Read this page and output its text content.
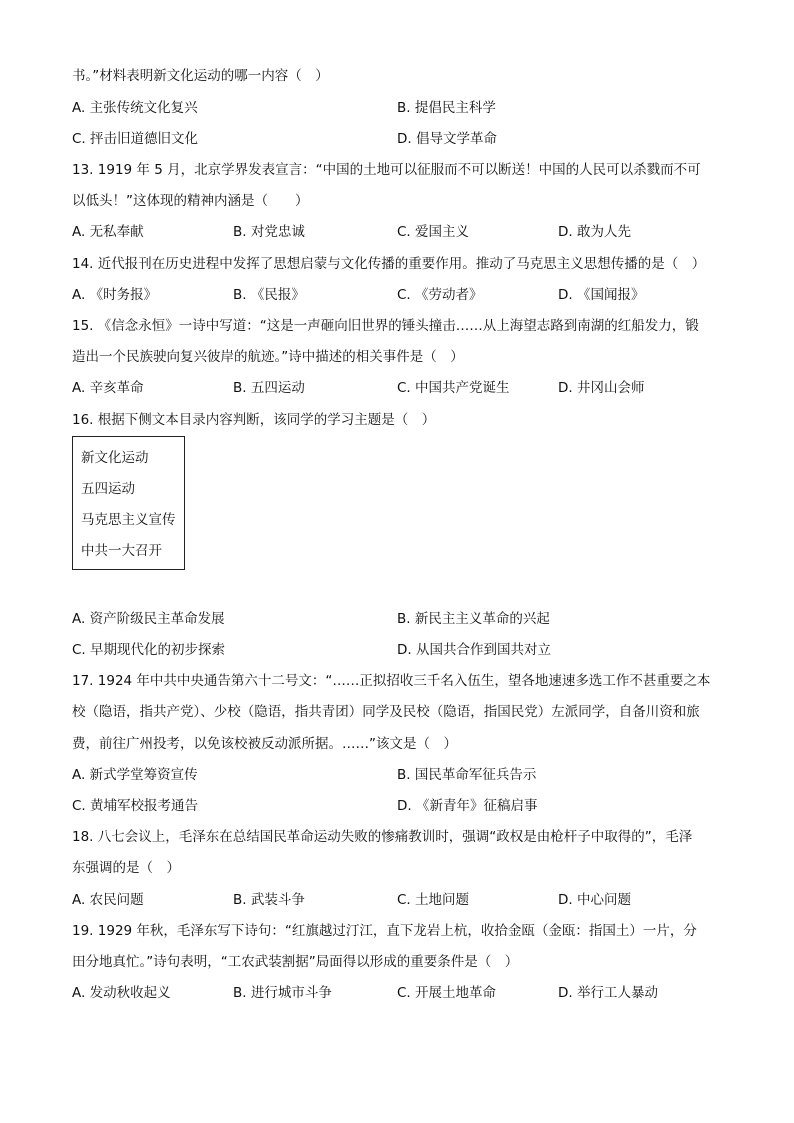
书。”材料表明新文化运动的哪一内容（　）
A. 主张传统文化复兴	B. 提倡民主科学
C. 抨击旧道德旧文化	D. 倡导文学革命
13. 1919 年 5 月，北京学界发表宣言：“中国的土地可以征服而不可以断送！中国的人民可以杀戮而不可
以低头！”这体现的精神内涵是（　　）
A. 无私奉献	B. 对党忠诚	C. 爱国主义	D. 敢为人先
14. 近代报刊在历史进程中发挥了思想启蒙与文化传播的重要作用。推动了马克思主义思想传播的是（　）
A. 《时务报》	B. 《民报》	C. 《劳动者》	D. 《国闻报》
15. 《信念永恒》一诗中写道：“这是一声砸向旧世界的锤头撞击……从上海望志路到南湖的红船发力，锻
造出一个民族驶向复兴彼岸的航迹。”诗中描述的相关事件是（　）
A. 辛亥革命	B. 五四运动	C. 中国共产党诞生	D. 井冈山会师
16. 根据下侧文本目录内容判断，该同学的学习主题是（　）
新文化运动
五四运动
马克思主义宣传
中共一大召开
A. 资产阶级民主革命发展	B. 新民主主义革命的兴起
C. 早期现代化的初步探索	D. 从国共合作到国共对立
17. 1924 年中共中央通告第六十二号文：“……正拟招收三千名入伍生，望各地速速多选工作不甚重要之本
校（隐语，指共产党）、少校（隐语，指共青团）同学及民校（隐语，指国民党）左派同学，自备川资和旅
费，前往广州投考，以免该校被反动派所据。……”该文是（　）
A. 新式学堂筹资宣传	B. 国民革命军征兵告示
C. 黄埔军校报考通告	D. 《新青年》征稿启事
18. 八七会议上，毛泽东在总结国民革命运动失败的惨痛教训时，强调“政权是由枪杆子中取得的”，毛泽
东强调的是（　）
A. 农民问题	B. 武装斗争	C. 土地问题	D. 中心问题
19. 1929 年秋，毛泽东写下诗句：“红旗越过汀江，直下龙岩上杭，收拾金瓯（金瓯：指国土）一片，分
田分地真忙。”诗句表明，“工农武装割据”局面得以形成的重要条件是（　）
A. 发动秋收起义	B. 进行城市斗争	C. 开展土地革命	D. 举行工人暴动
